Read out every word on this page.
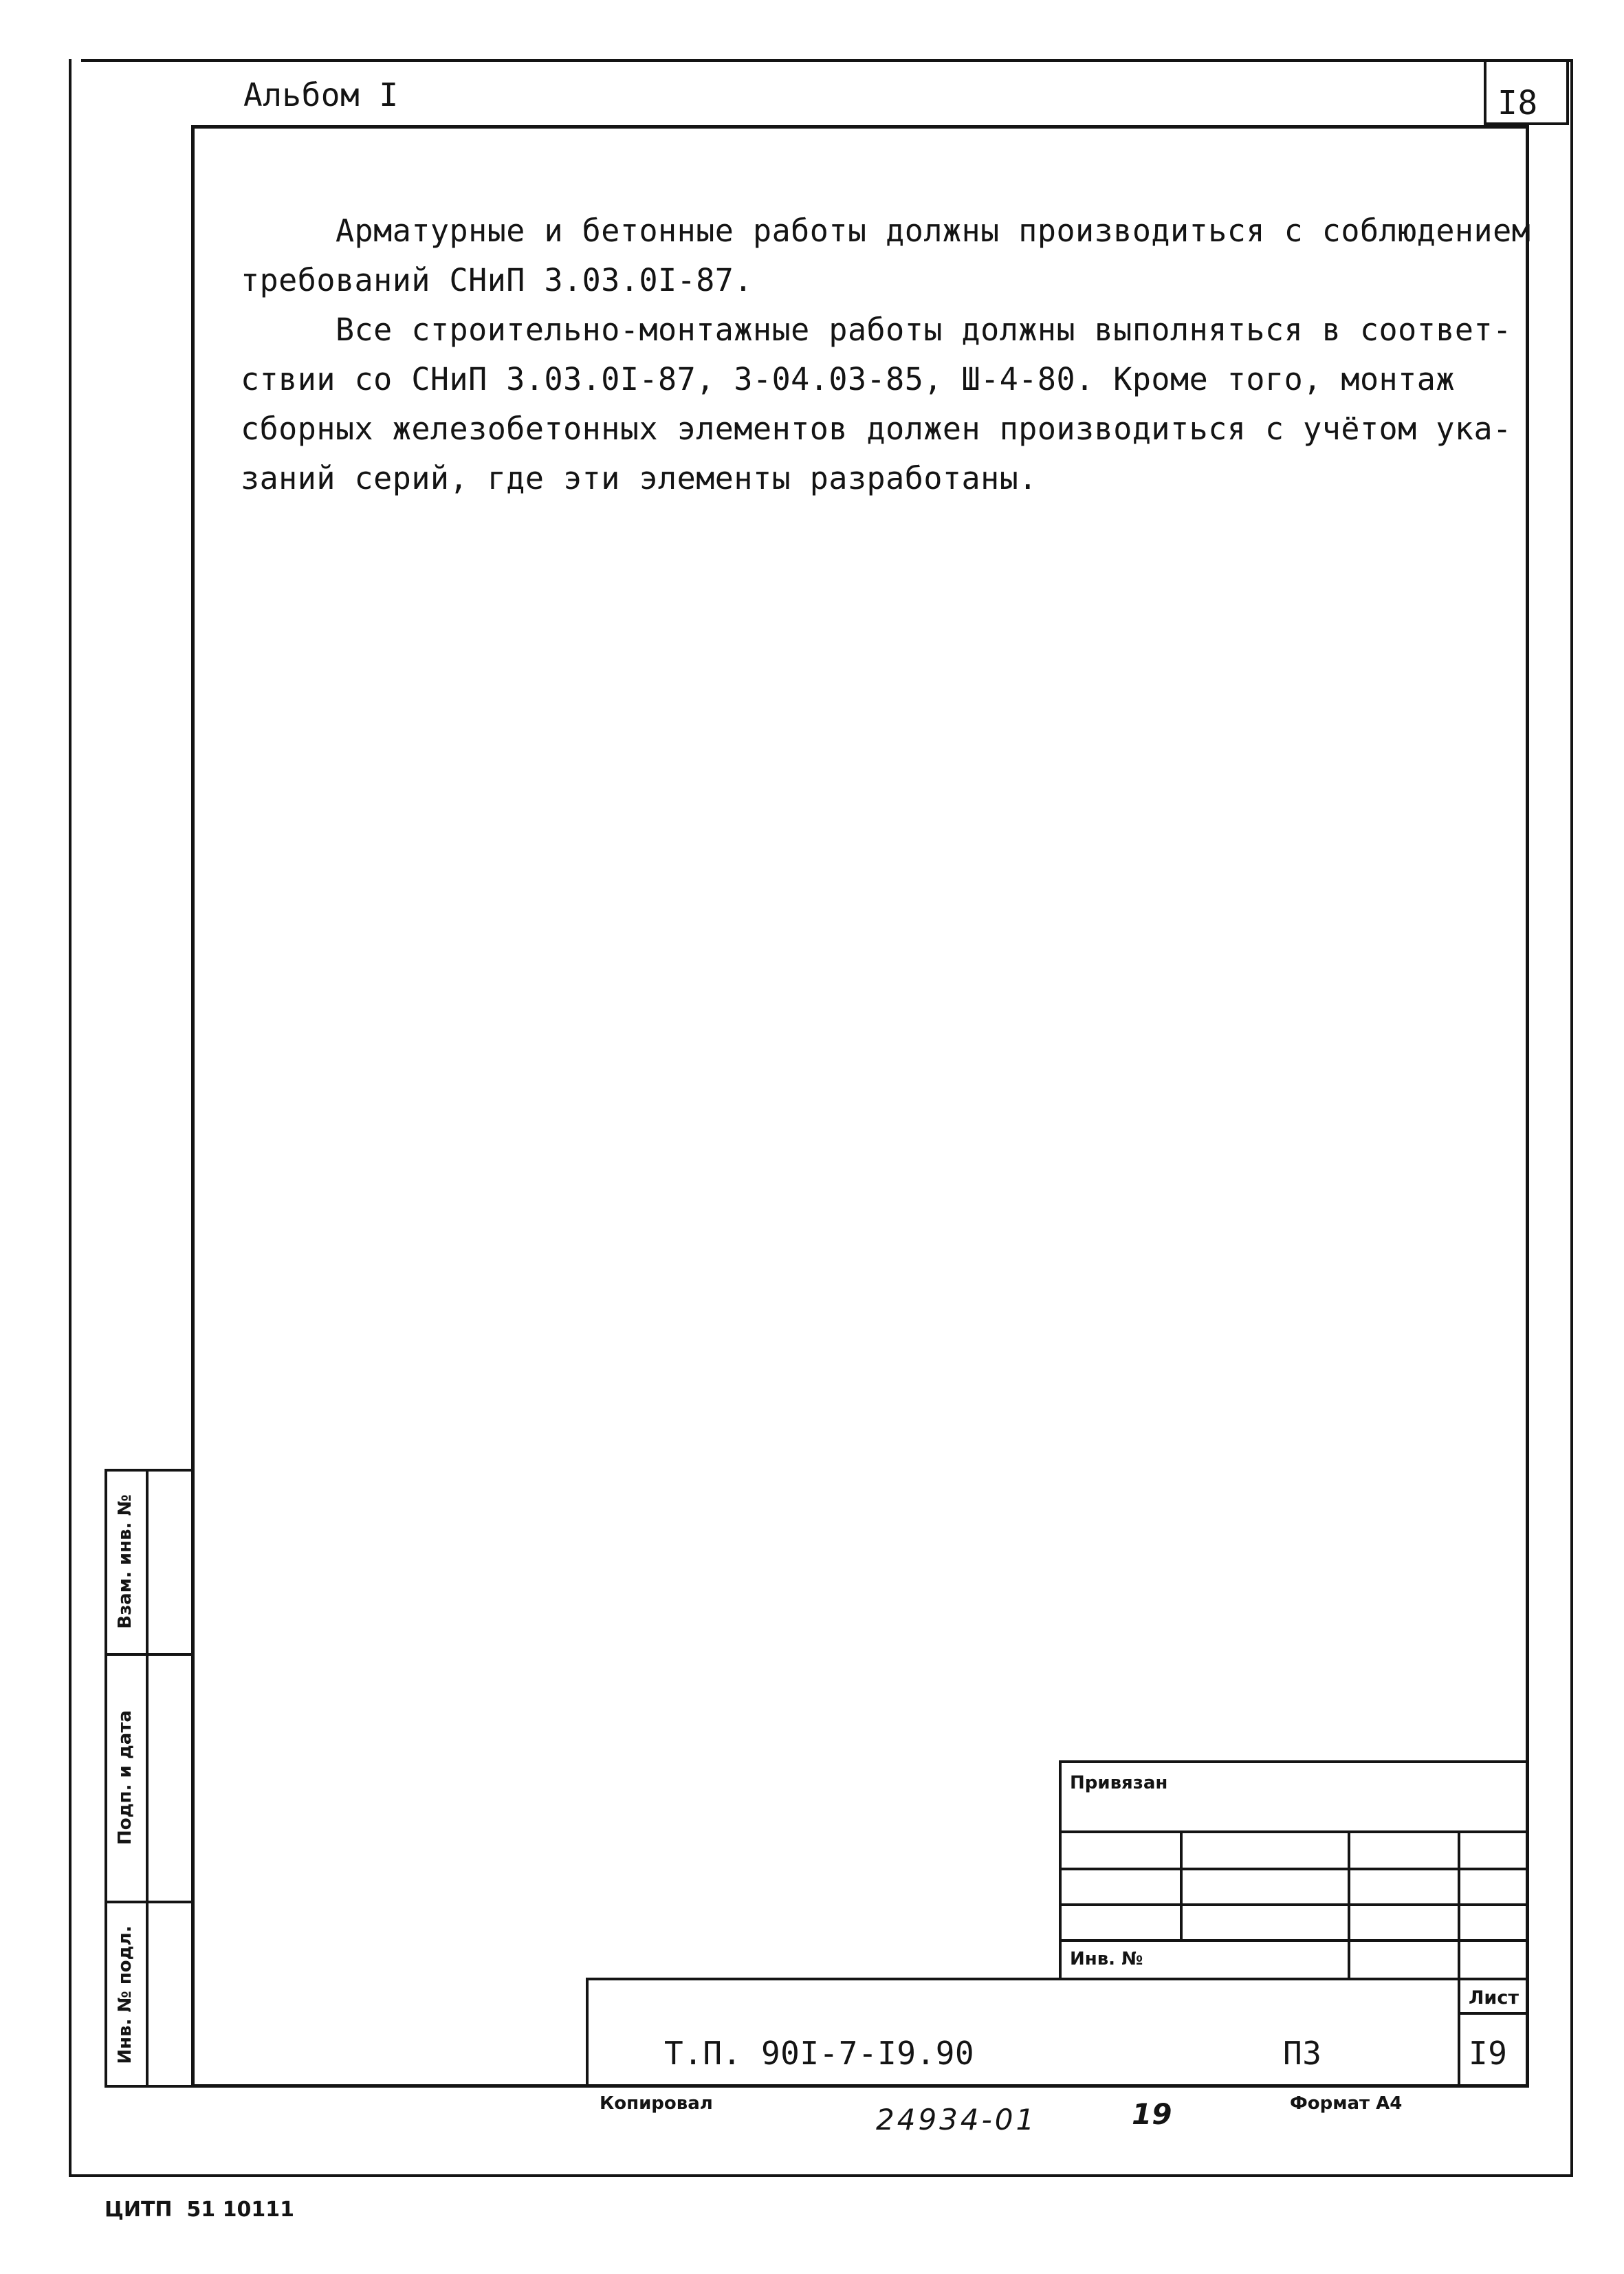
Альбом I	I8
Арматурные и бетонные работы должны производиться с соблюдением
требований СНиП 3.03.0I-87.
Все строительно-монтажные работы должны выполняться в соответ-
ствии со СНиП 3.03.0I-87, 3-04.03-85, Ш-4-80. Кроме того, монтаж
сборных железобетонных элементов должен производиться с учётом ука-
заний серий, где эти элементы разработаны.
Взам. инв. №
Подп. и дата
Инв. № подл.
Привязан
Инв. №
Т.П. 90I-7-I9.90	ПЗ
Лист
I9
Копировал	24934-01	19	Формат А4
ЦИТП  51 10111
